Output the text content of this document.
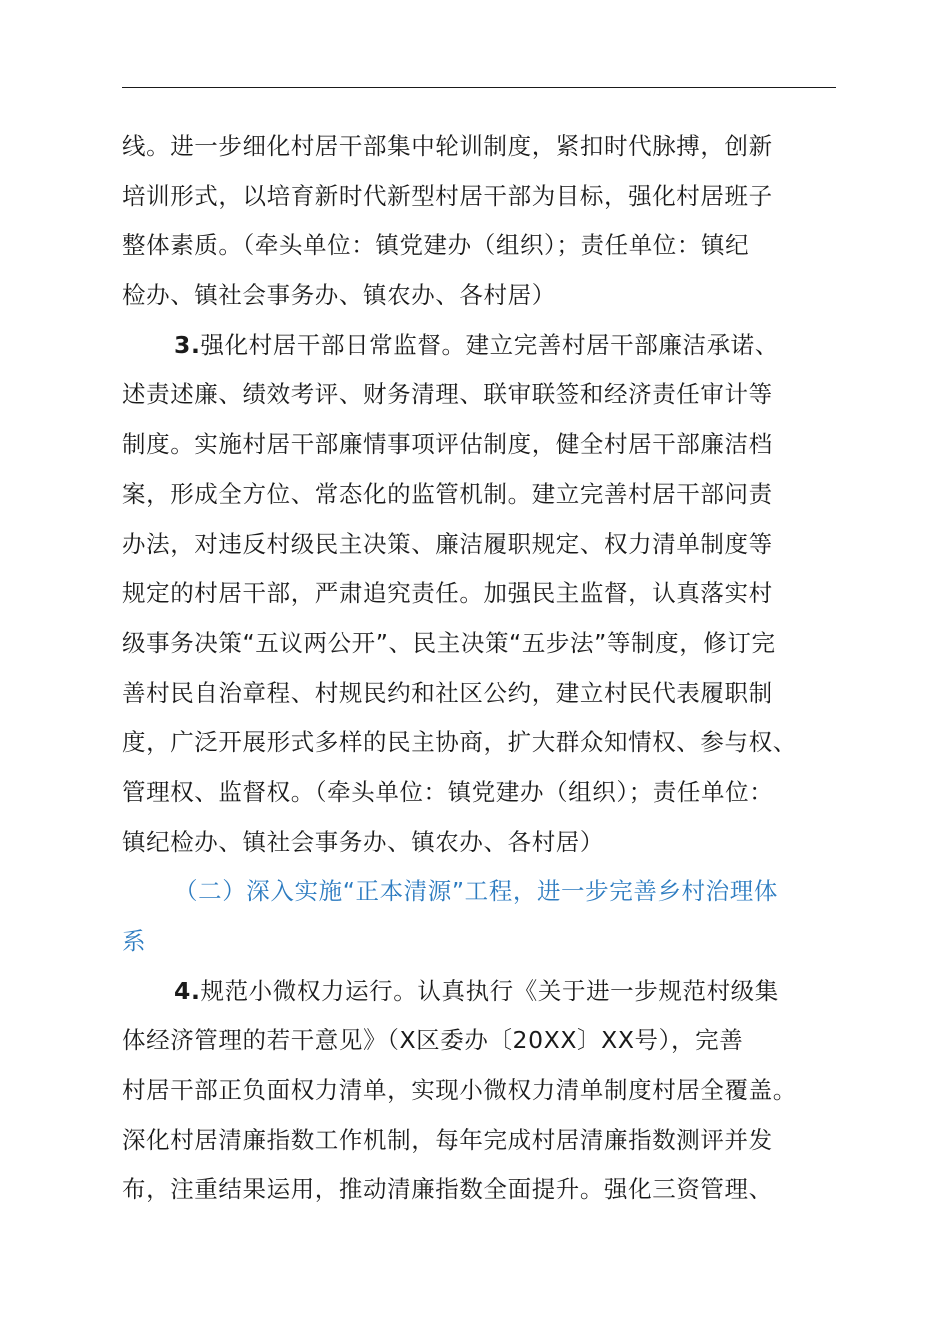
线。进一步细化村居干部集中轮训制度，紧扣时代脉搏，创新
培训形式，以培育新时代新型村居干部为目标，强化村居班子
整体素质。（牵头单位：镇党建办（组织）；责任单位：镇纪
检办、镇社会事务办、镇农办、各村居）
3.强化村居干部日常监督。建立完善村居干部廉洁承诺、
述责述廉、绩效考评、财务清理、联审联签和经济责任审计等
制度。实施村居干部廉情事项评估制度，健全村居干部廉洁档
案，形成全方位、常态化的监管机制。建立完善村居干部问责
办法，对违反村级民主决策、廉洁履职规定、权力清单制度等
规定的村居干部，严肃追究责任。加强民主监督，认真落实村
级事务决策“五议两公开”、民主决策“五步法”等制度，修订完
善村民自治章程、村规民约和社区公约，建立村民代表履职制
度，广泛开展形式多样的民主协商，扩大群众知情权、参与权、
管理权、监督权。（牵头单位：镇党建办（组织）；责任单位：
镇纪检办、镇社会事务办、镇农办、各村居）
（二）深入实施“正本清源”工程，进一步完善乡村治理体
系
4.规范小微权力运行。认真执行《关于进一步规范村级集
体经济管理的若干意见》（X区委办〔20XX〕XX号），完善
村居干部正负面权力清单，实现小微权力清单制度村居全覆盖。
深化村居清廉指数工作机制，每年完成村居清廉指数测评并发
布，注重结果运用，推动清廉指数全面提升。强化三资管理、
